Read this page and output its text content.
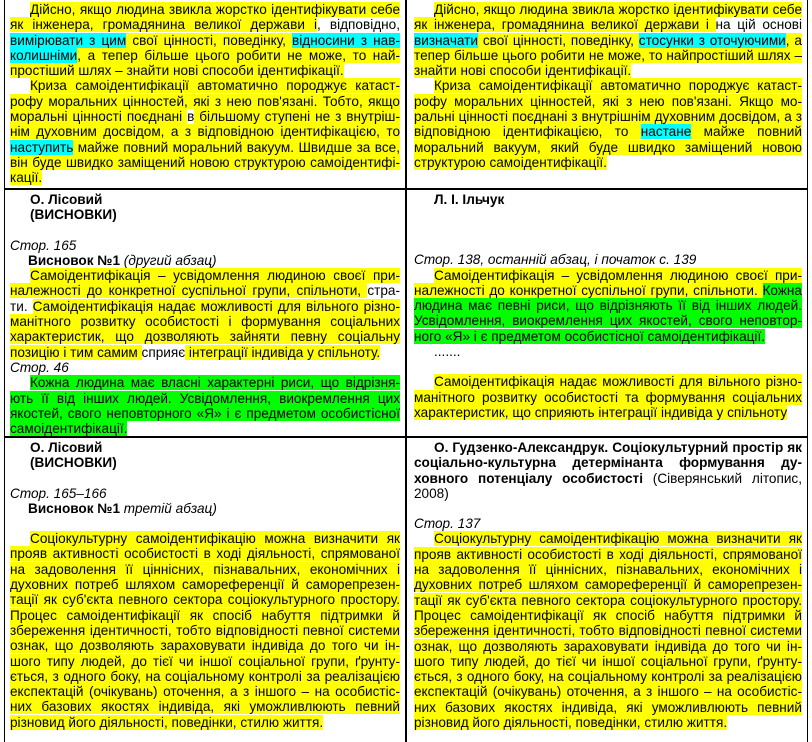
Дійсно, якщо людина звикла жорстко ідентифікувати себе як інженера, громадянина великої держави і, відповідно, вимірювати з цим свої цінності, поведінку, відносини з нав-колишніми, а тепер більше цього робити не може, то най-простіший шлях – знайти нові способи ідентифікації.

Криза самоідентифікації автоматично породжує катаст-рофу моральних цінностей, які з нею пов'язані. Тобто, якщо моральні цінності поєднані в більшому ступені не з внутріш-нім духовним досвідом, а з відповідною ідентифікацією, то наступить майже повний моральний вакуум. Швидше за все, він буде швидко заміщений новою структурою самоідентифі-кації.

Дійсно, якщо людина звикла жорстко ідентифікувати себе як інженера, громадянина великої держави і на цій основі визначати свої цінності, поведінку, стосунки з оточуючими, а тепер більше цього робити не може, то найпростіший шлях – знайти нові способи ідентифікації.

Криза самоідентифікації автоматично породжує катаст-рофу моральних цінностей, які з нею пов'язані. Якщо мо-ральні цінності поєднані з внутрішнім духовним досвідом, а з відповідною ідентифікацією, то настане майже повний моральний вакуум, який буде швидко заміщений новою структурою самоідентифікації.

О. Лісовий
(ВИСНОВКИ)
Стор. 165
Висновок №1 (другий абзац)

Самоідентифікація – усвідомлення людиною своєї при-належності до конкретної суспільної групи, спільноти, стра-ти. Самоідентифікація надає можливості для вільного різно-манітного розвитку особистості і формування соціальних характеристик, що дозволяють зайняти певну соціальну позицію і тим самим сприяє інтеграції індивіда у спільноту.

Стор. 46

Кожна людина має власні характерні риси, що відрізня-ють її від інших людей. Усвідомлення, виокремлення цих якостей, свого неповторного «Я» і є предметом особистісної самоідентифікації.

Л. І. Ільчук
Стор. 138, останній абзац, і початок с. 139

Самоідентифікація – усвідомлення людиною своєї при-належності до конкретної суспільної групи, спільноти. Кожна людина має певні риси, що відрізняють її від інших людей. Усвідомлення, виокремлення цих якостей, свого неповтор-ного «Я» і є предметом особистісної самоідентифікації.

.......

Самоідентифікація надає можливості для вільного різно-манітного розвитку особистості та формування соціальних характеристик, що сприяють інтеграції індивіда у спільноту

О. Лісовий
(ВИСНОВКИ)
Стор. 165–166
Висновок №1 третій абзац)

Соціокультурну самоідентифікацію можна визначити як прояв активності особистості в ході діяльності, спрямованої на задоволення її ціннісних, пізнавальних, економічних і духовних потреб шляхом самореференції й саморепрезен-тації як суб'єкта певного сектора соціокультурного простору. Процес самоідентифікації як спосіб набуття підтримки й збереження ідентичності, тобто відповідності певної системи ознак, що дозволяють зараховувати індивіда до того чи ін-шого типу людей, до тієї чи іншої соціальної групи, ґрунту-ється, з одного боку, на соціальному контролі за реалізацією експектацій (очікувань) оточення, а з іншого – на особистіс-них базових якостях індивіда, які уможливлюють певний різновид його діяльності, поведінки, стилю життя.

О. Гудзенко-Александрук. Соціокультурний простір як соціально-культурна детермінанта формування ду-ховного потенціалу особистості (Сіверянський літопис, 2008)

Стор. 137

Соціокультурну самоідентифікацію можна визначити як прояв активності особистості в ході діяльності, спрямованої на задоволення її ціннісних, пізнавальних, економічних і духовних потреб шляхом самореференції й саморепрезен-тації як суб'єкта певного сектора соціокультурного простору. Процес самоідентифікації як спосіб набуття підтримки й збереження ідентичності, тобто відповідності певної системи ознак, що дозволяють зараховувати індивіда до того чи ін-шого типу людей, до тієї чи іншої соціальної групи, ґрунту-ється, з одного боку, на соціальному контролі за реалізацією експектацій (очікувань) оточення, а з іншого – на особистіс-них базових якостях індивіда, які уможливлюють певний різновид його діяльності, поведінки, стилю життя.
